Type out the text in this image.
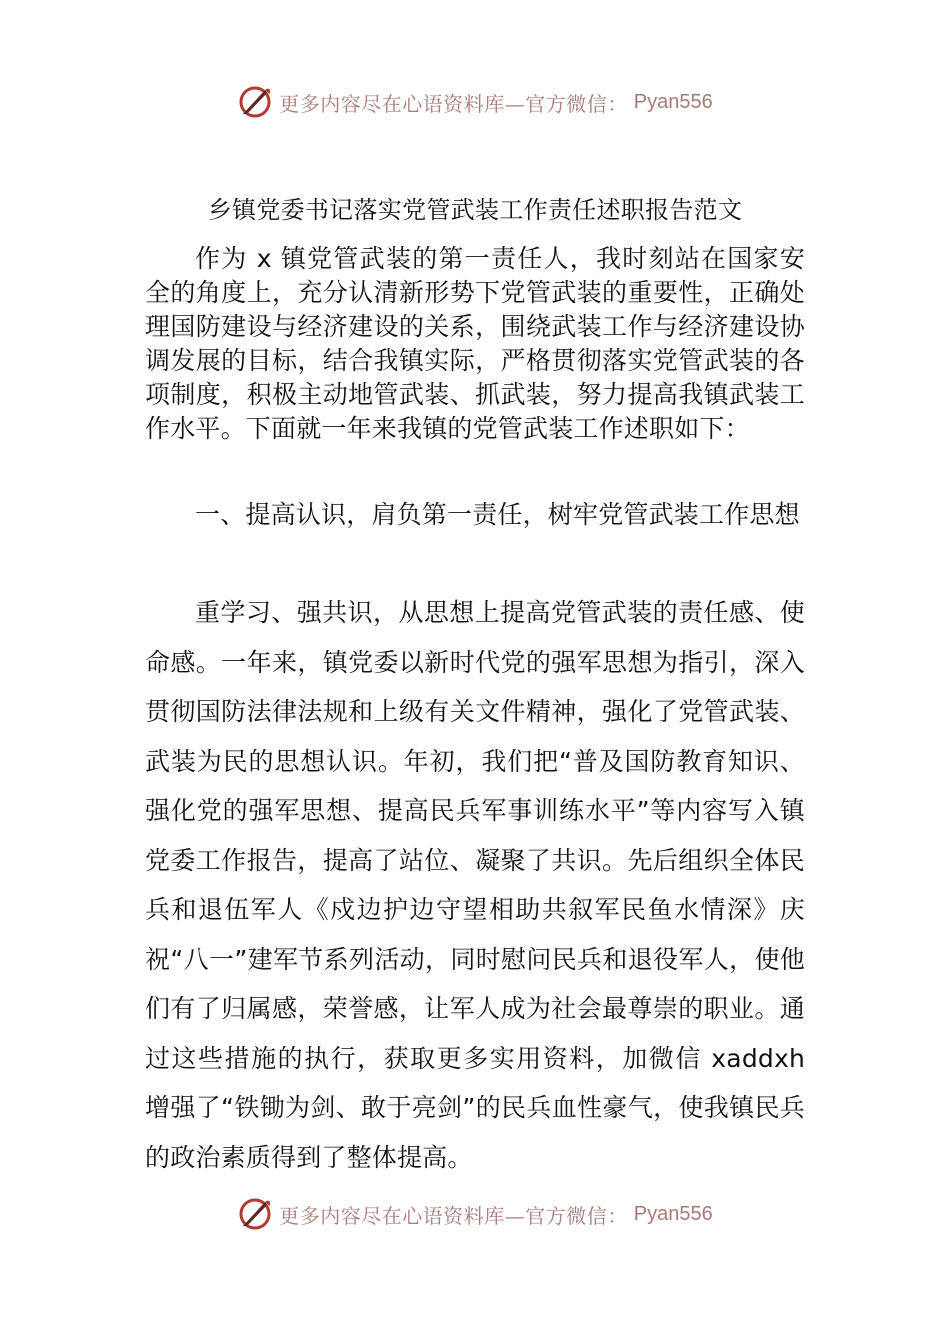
更多内容尽在心语资料库—官方微信： Pyan556
乡镇党委书记落实党管武装工作责任述职报告范文

作为 x 镇党管武装的第一责任人，我时刻站在国家安全的角度上，充分认清新形势下党管武装的重要性，正确处理国防建设与经济建设的关系，围绕武装工作与经济建设协调发展的目标，结合我镇实际，严格贯彻落实党管武装的各项制度，积极主动地管武装、抓武装，努力提高我镇武装工作水平。下面就一年来我镇的党管武装工作述职如下：

一、提高认识，肩负第一责任，树牢党管武装工作思想

重学习、强共识，从思想上提高党管武装的责任感、使命感。一年来，镇党委以新时代党的强军思想为指引，深入贯彻国防法律法规和上级有关文件精神，强化了党管武装、武装为民的思想认识。年初，我们把“普及国防教育知识、强化党的强军思想、提高民兵军事训练水平”等内容写入镇党委工作报告，提高了站位、凝聚了共识。先后组织全体民兵和退伍军人《戍边护边守望相助共叙军民鱼水情深》庆祝“八一”建军节系列活动，同时慰问民兵和退役军人，使他们有了归属感，荣誉感，让军人成为社会最尊崇的职业。通过这些措施的执行，获取更多实用资料，加微信 xaddxh 增强了“铁锄为剑、敢于亮剑”的民兵血性豪气，使我镇民兵的政治素质得到了整体提高。

更多内容尽在心语资料库—官方微信： Pyan556
